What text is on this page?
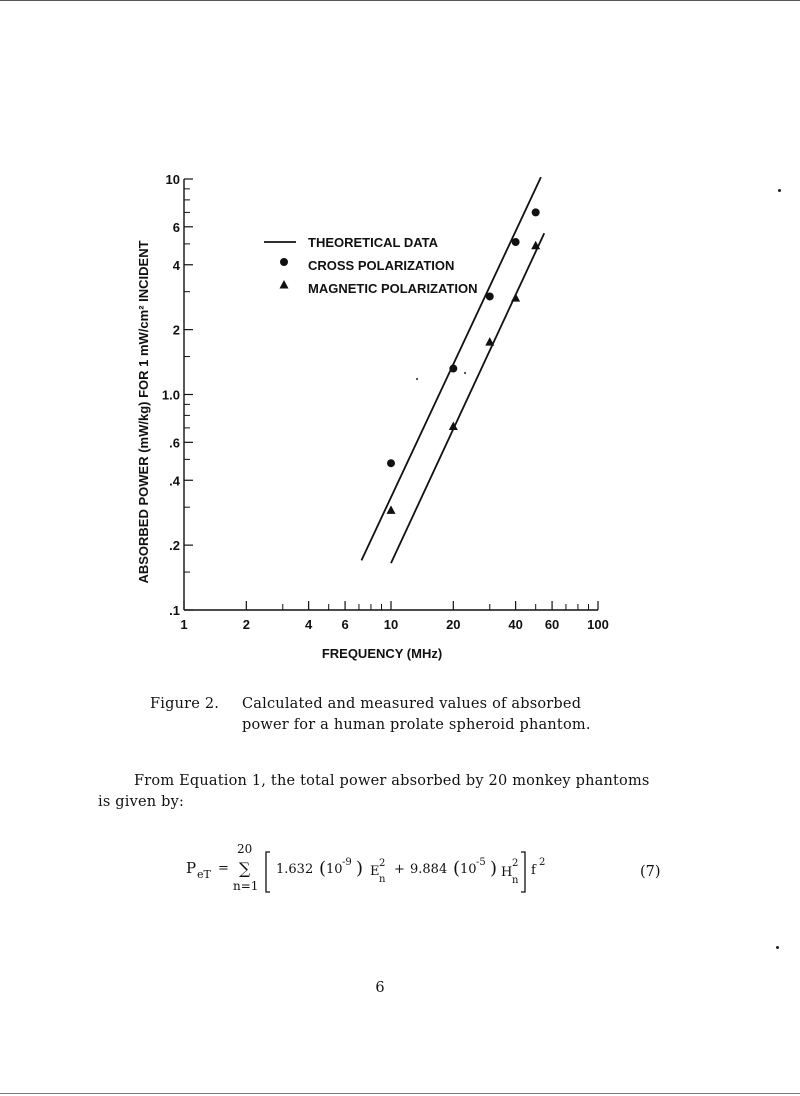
1	2	4 6	10	20	40 60 100
.1
.2
.4
.6
1.0
2
4
6
10
THEORETICAL DATA
CROSS POLARIZATION
MAGNETIC POLARIZATION
FREQUENCY (MHz)
ABSORBED POWER (mW/kg) FOR 1 mW/cm² INCIDENT
Figure 2. Calculated and measured values of absorbed
power for a human prolate spheroid phantom.

From Equation 1, the total power absorbed by 20 monkey phantoms

is given by:

P eT =
20
∑
n=1
1.632 ( 10 -9 ) E
2
n
+ 9.884 ( 10 -5 ) H
2
n
f
2
(7)
6
